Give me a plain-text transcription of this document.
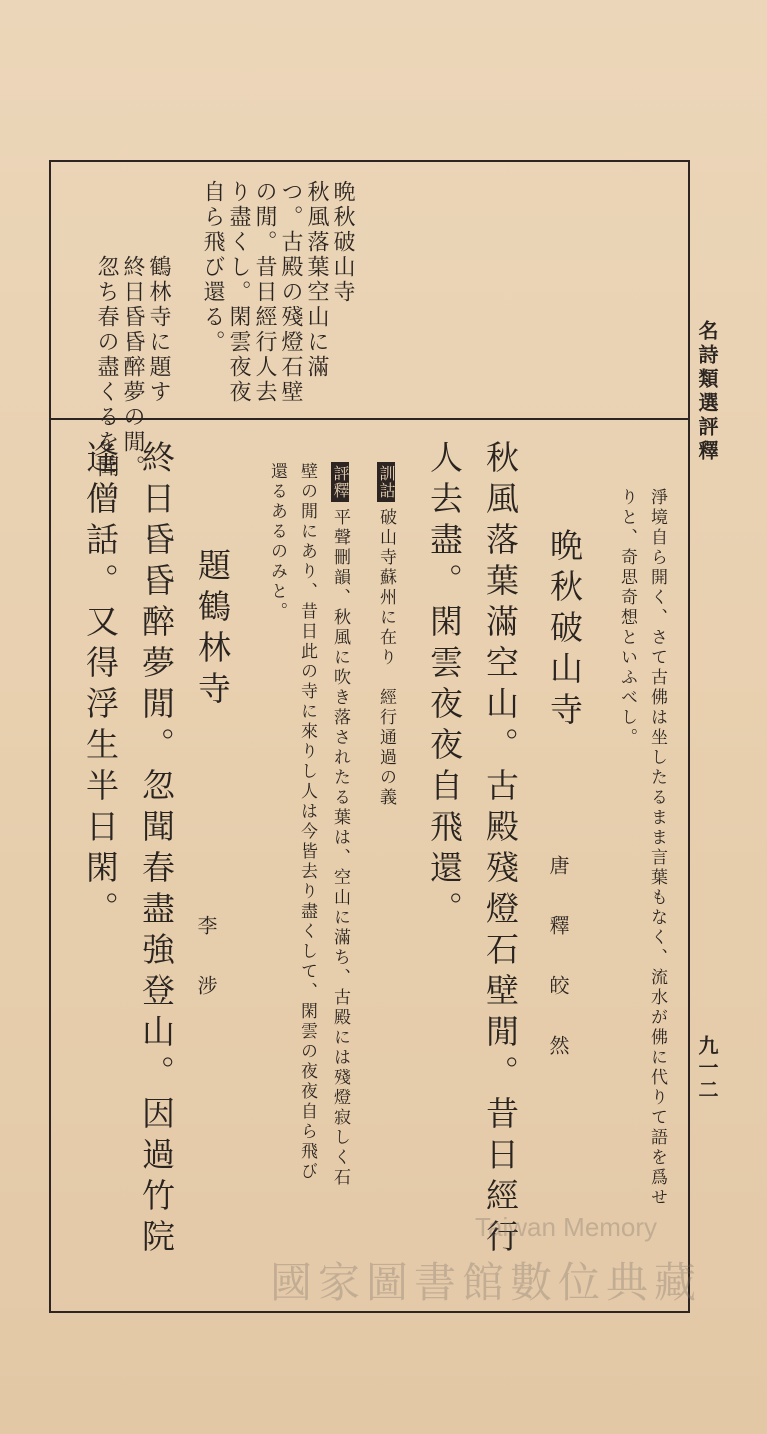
名詩類選評釋
九一二
晩秋破山寺
秋風落葉空山に滿
つ。古殿の殘燈石壁
の閒。昔日經行人去
り盡くし。閑雲夜夜
自ら飛び還る。
鶴林寺に題す
終日昏昏醉夢の閒。
忽ち春の盡くるを聞
淨境自ら開く、さて古佛は坐したるまま言葉もなく、流水が佛に代りて語を爲せ
りと、奇思奇想といふべし。
晩秋破山寺
唐釋皎然
秋風落葉滿空山。古殿殘燈石壁閒。昔日經行
人去盡。閑雲夜夜自飛還。
訓詁破山寺蘇州に在り　經行通過の義
評釋平聲刪韻、秋風に吹き落されたる葉は、空山に滿ち、古殿には殘燈寂しく石
壁の閒にあり、昔日此の寺に來りし人は今皆去り盡くして、閑雲の夜夜自ら飛び
還るあるのみと。
題鶴林寺
李涉
終日昏昏醉夢閒。忽聞春盡強登山。因過竹院
逢僧話。又得浮生半日閑。
Taiwan Memory
國家圖書館數位典藏
